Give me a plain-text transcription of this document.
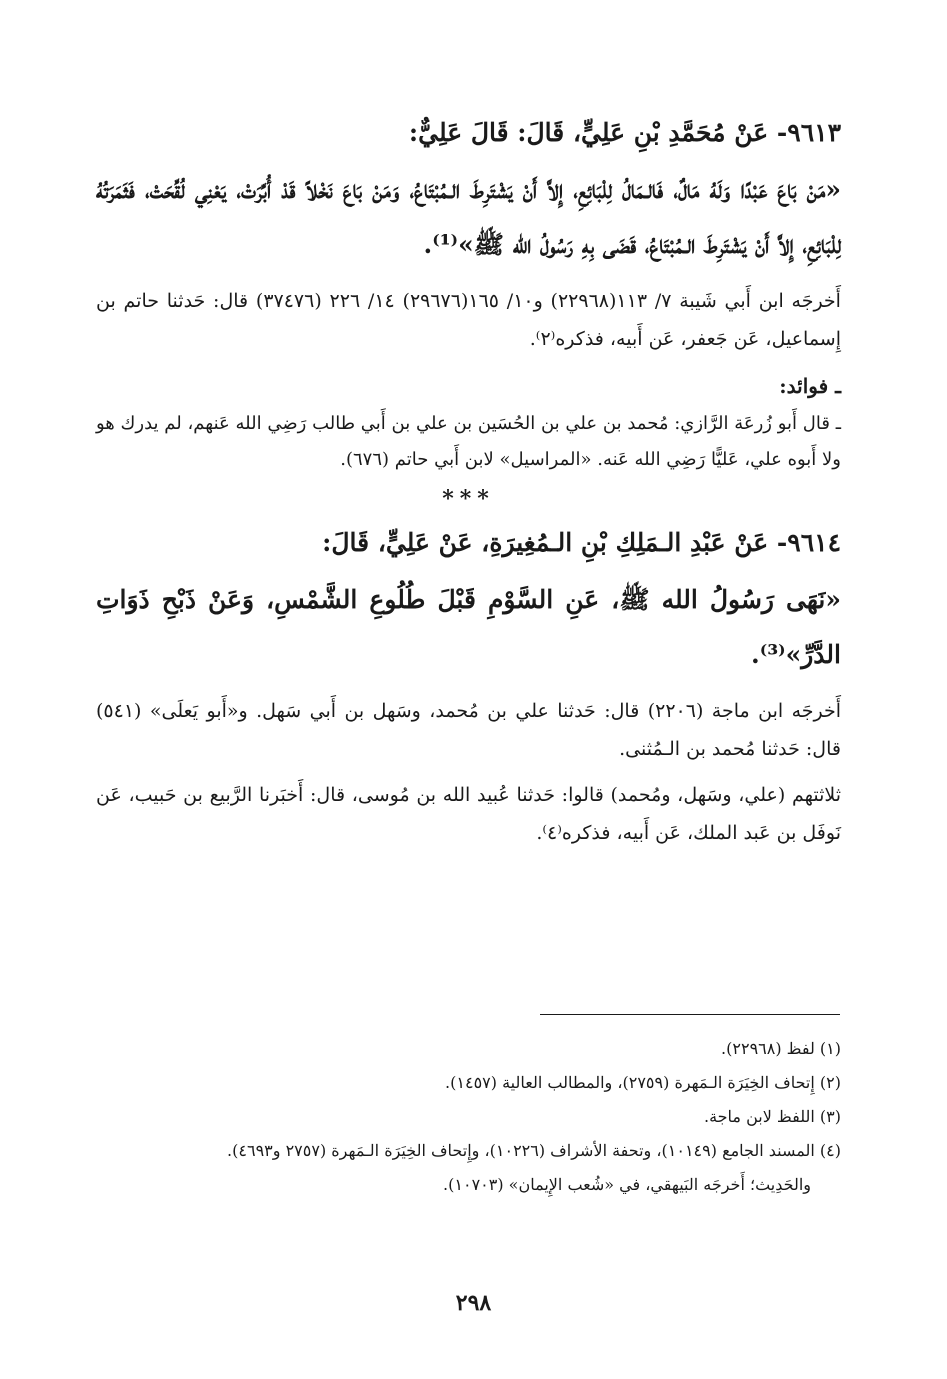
٩٦١٣- عَنْ مُحَمَّدِ بْنِ عَلِيٍّ، قَالَ: قَالَ عَلِيٌّ:

«مَنْ بَاعَ عَبْدًا وَلَهُ مَالٌ، فَالـمَالُ لِلْبَائِعِ، إِلاَّ أَنْ يَشْتَرِطَ الـمُبْتَاعُ، وَمَنْ بَاعَ نَخْلاً قَدْ أُبِّرَتْ، يَعْنِي لُقِّحَتْ، فَثَمَرَتُهُ لِلْبَائِعِ، إِلاَّ أَنْ يَشْتَرِطَ الـمُبْتَاعُ، قَضَى بِهِ رَسُولُ الله ﷺ»⁽¹⁾.

أَخرجَه ابن أَبي شَيبة ٧/ ١١٣(٢٢٩٦٨) و١٠/ ١٦٥(٢٩٦٧٦) ١٤/ ٢٢٦ (٣٧٤٧٦) قال: حَدثنا حاتم بن إِسماعيل، عَن جَعفر، عَن أَبيه، فذكره⁽٢⁾.

ـ فوائد:

ـ قال أَبو زُرعَة الرَّازي: مُحمد بن علي بن الحُسَين بن علي بن أَبي طالب رَضِي الله عَنهم، لم يدرك هو ولا أَبوه علي، عَليًّا رَضِي الله عَنه. «المراسيل» لابن أَبي حاتم (٦٧٦).

***

٩٦١٤- عَنْ عَبْدِ الـمَلِكِ بْنِ الـمُغِيرَةِ، عَنْ عَلِيٍّ، قَالَ:

«نَهَى رَسُولُ الله ﷺ، عَنِ السَّوْمِ قَبْلَ طُلُوعِ الشَّمْسِ، وَعَنْ ذَبْحِ ذَوَاتِ الدَّرِّ»⁽³⁾.

أَخرجَه ابن ماجة (٢٢٠٦) قال: حَدثنا علي بن مُحمد، وسَهل بن أَبي سَهل. و«أَبو يَعلَى» (٥٤١) قال: حَدثنا مُحمد بن الـمُثنى.

ثلاثتهم (علي، وسَهل، ومُحمد) قالوا: حَدثنا عُبيد الله بن مُوسى، قال: أَخبَرنا الرَّبيع بن حَبيب، عَن نَوفَل بن عَبد الملك، عَن أَبيه، فذكره⁽٤⁾.

(١) لفظ (٢٢٩٦٨).

(٢) إِتحاف الخِيَرَة الـمَهرة (٢٧٥٩)، والمطالب العالية (١٤٥٧).

(٣) اللفظ لابن ماجة.

(٤) المسند الجامع (١٠١٤٩)، وتحفة الأشراف (١٠٢٢٦)، وإِتحاف الخِيَرَة الـمَهرة (٢٧٥٧ و٤٦٩٣).

والحَدِيث؛ أَخرجَه البَيهقي، في «شُعب الإِيمان» (١٠٧٠٣).

٢٩٨
